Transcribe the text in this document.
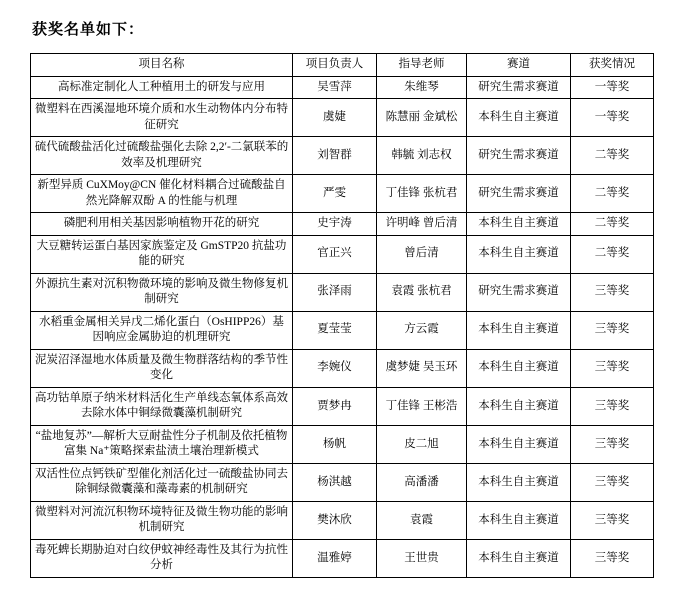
获奖名单如下：
项目名称	项目负责人	指导老师	赛道	获奖情况
高标准定制化人工种植用土的研发与应用	吴雪萍	朱维琴	研究生需求赛道	一等奖
微塑料在西溪湿地环境介质和水生动物体内分布特征研究	虞婕	陈慧丽 金斌松	本科生自主赛道	一等奖
硫代硫酸盐活化过硫酸盐强化去除 2,2′-二氯联苯的效率及机理研究	刘智群	韩毓 刘志权	研究生需求赛道	二等奖
新型异质 CuXMoy@CN 催化材料耦合过硫酸盐自然光降解双酚 A 的性能与机理	严雯	丁佳锋 张杭君	研究生需求赛道	二等奖
磷肥利用相关基因影响植物开花的研究	史宇涛	许明峰 曾后清	本科生自主赛道	二等奖
大豆糖转运蛋白基因家族鉴定及 GmSTP20 抗盐功能的研究	官正兴	曾后清	本科生自主赛道	二等奖
外源抗生素对沉积物微环境的影响及微生物修复机制研究	张泽雨	袁霞 张杭君	研究生需求赛道	三等奖
水稻重金属相关异戊二烯化蛋白（OsHIPP26）基因响应金属胁迫的机理研究	夏莹莹	方云霞	本科生自主赛道	三等奖
泥炭沼泽湿地水体质量及微生物群落结构的季节性变化	李婉仪	虞梦婕 吴玉环	本科生自主赛道	三等奖
高功钴单原子纳米材料活化生产单线态氧体系高效去除水体中铜绿微囊藻机制研究	贾梦冉	丁佳锋 王彬浩	本科生自主赛道	三等奖
“盐地复苏”—解析大豆耐盐性分子机制及依托植物富集 Na⁺策略探索盐渍土壤治理新模式	杨帆	皮二旭	本科生自主赛道	三等奖
双活性位点钙铁矿型催化剂活化过一硫酸盐协同去除铜绿微囊藻和藻毒素的机制研究	杨淇越	高潘潘	本科生自主赛道	三等奖
微塑料对河流沉积物环境特征及微生物功能的影响机制研究	樊沐欣	袁霞	本科生自主赛道	三等奖
毒死蜱长期胁迫对白纹伊蚊神经毒性及其行为抗性分析	温雅婷	王世贵	本科生自主赛道	三等奖
